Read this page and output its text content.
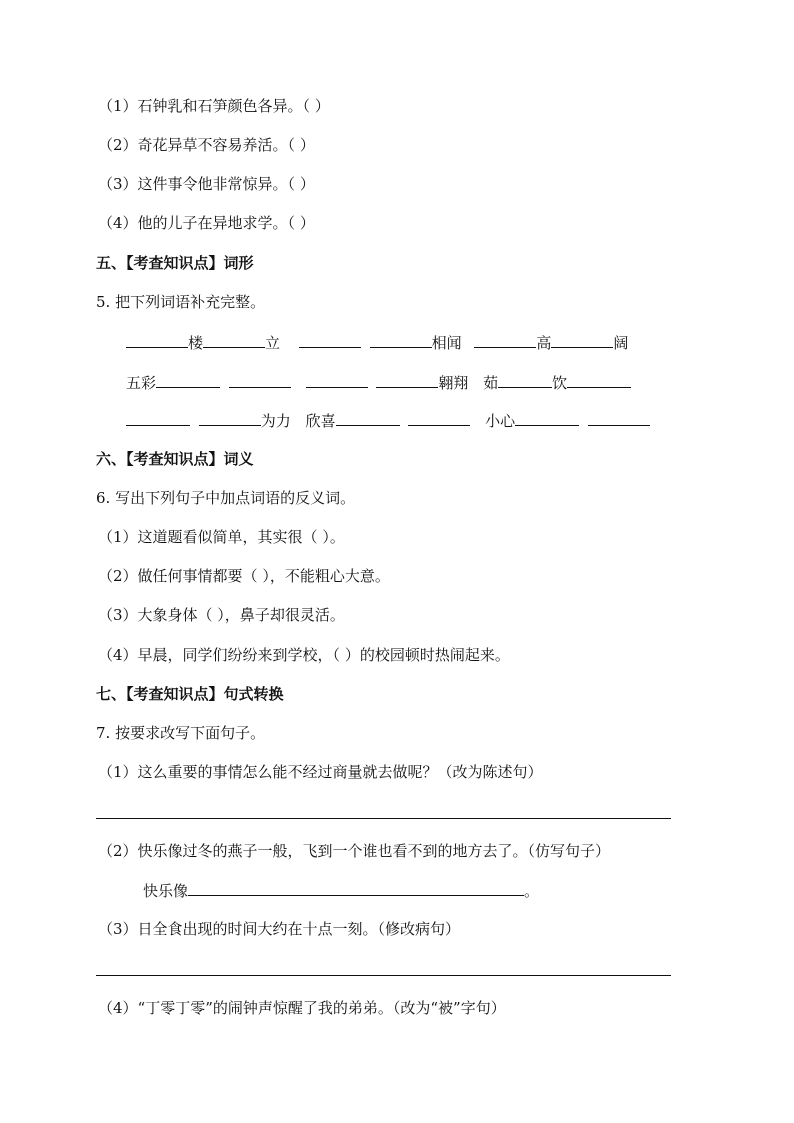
（1）石钟乳和石笋颜色各异。（ ）
（2）奇花异草不容易养活。（ ）
（3）这件事令他非常惊异。（ ）
（4）他的儿子在异地求学。（ ）
五、【考查知识点】词形
5. 把下列词语补充完整。
楼	立	相闻	高	阔
五彩	翱翔 茹	饮
为力 欣喜	小心
六、【考查知识点】词义
6. 写出下列句子中加点词语的反义词。
（1）这道题看似简单，其实很（ ）。
（2）做任何事情都要（ ），不能粗心大意。
（3）大象身体（ ），鼻子却很灵活。
（4）早晨，同学们纷纷来到学校，（ ）的校园顿时热闹起来。
七、【考查知识点】句式转换
7. 按要求改写下面句子。
（1）这么重要的事情怎么能不经过商量就去做呢？（改为陈述句）
（2）快乐像过冬的燕子一般，飞到一个谁也看不到的地方去了。（仿写句子）
快乐像	。
（3）日全食出现的时间大约在十点一刻。（修改病句）
（4）“丁零丁零”的闹钟声惊醒了我的弟弟。（改为“被”字句）
